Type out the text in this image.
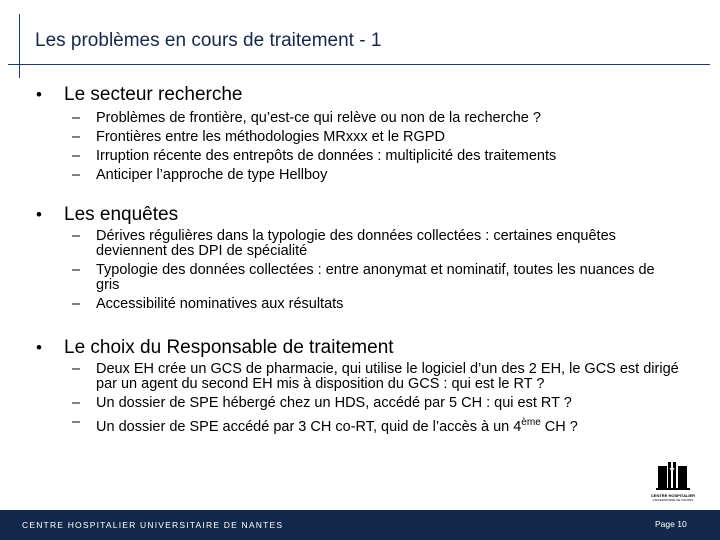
Les problèmes en cours de traitement - 1
• Le secteur recherche
– Problèmes de frontière, qu’est-ce qui relève ou non de la recherche ?
– Frontières entre les méthodologies MRxxx et le RGPD
– Irruption récente des entrepôts de données : multiplicité des traitements
– Anticiper l’approche de type Hellboy
• Les enquêtes
– Dérives régulières dans la typologie des données collectées : certaines enquêtes deviennent des DPI de spécialité
– Typologie des données collectées : entre anonymat et nominatif, toutes les nuances de gris
– Accessibilité nominatives aux résultats
• Le choix du Responsable de traitement
– Deux EH crée un GCS de pharmacie, qui utilise le logiciel d’un des 2 EH, le GCS est dirigé par un agent du second EH mis à disposition du GCS : qui est le RT ?
– Un dossier de SPE hébergé chez un HDS, accédé par 5 CH : qui est RT ?
– Un dossier de SPE accédé par 3 CH co-RT, quid de l’accès à un 4ème CH ?
CENTRE HOSPITALIER
UNIVERSITAIRE DE NANTES
CENTRE HOSPITALIER UNIVERSITAIRE DE NANTES	Page 10
